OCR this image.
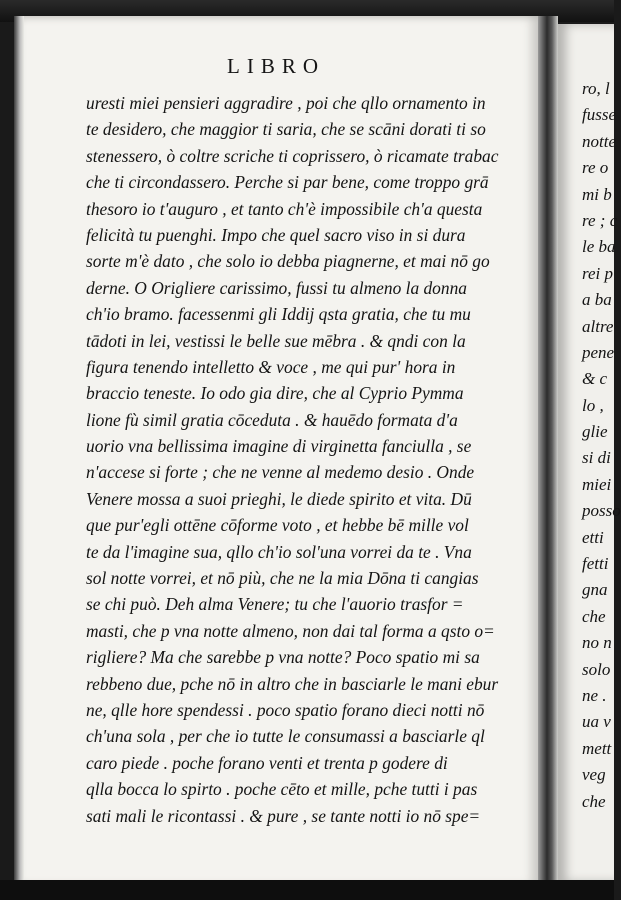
LIBRO
uresti miei pensieri aggradire , poi che qllo ornamento in
te desidero, che maggior ti saria, che se scāni dorati ti so
stenessero, ò coltre scriche ti coprissero, ò ricamate trabac
che ti circondassero. Perche si par bene, come troppo grā
thesoro io t'auguro , et tanto ch'è impossibile ch'a questa
felicità tu puenghi. Impo che quel sacro viso in si dura
sorte m'è dato , che solo io debba piagnerne, et mai nō go
derne. O Origliere carissimo, fussi tu almeno la donna
ch'io bramo. facessenmi gli Iddij qsta gratia, che tu mu
tādoti in lei, vestissi le belle sue mēbra . & qndi con la
figura tenendo intelletto & voce , me qui pur' hora in
braccio teneste. Io odo gia dire, che al Cyprio Pymma
lione fù simil gratia cōceduta . & hauēdo formata d'a
uorio vna bellissima imagine di virginetta fanciulla , se
n'accese si forte ; che ne venne al medemo desio . Onde
Venere mossa a suoi prieghi, le diede spirito et vita. Dū
que pur'egli ottēne cōforme voto , et hebbe bē mille vol
te da l'imagine sua, qllo ch'io sol'una vorrei da te . Vna
sol notte vorrei, et nō più, che ne la mia Dōna ti cangias
se chi può. Deh alma Venere; tu che l'auorio trasfor =
masti, che p vna notte almeno, non dai tal forma a qsto o=
rigliere? Ma che sarebbe p vna notte? Poco spatio mi sa
rebbeno due, pche nō in altro che in basciarle le mani ebur
ne, qlle hore spendessi . poco spatio forano dieci notti nō
ch'una sola , per che io tutte le consumassi a basciarle ql
caro piede . poche forano venti et trenta p godere di
qlla bocca lo spirto . poche cēto et mille, pche tutti i pas
sati mali le ricontassi . & pure , se tante notti io nō spe=
ro, l
fusse
notte
re o
mi b
re ; c
le ba
rei p
a ba
altre
pene
& c
lo ,
glie
si di
miei
posso
etti
fetti
gna
che
no n
solo
ne .
ua v
mett
veg
che
